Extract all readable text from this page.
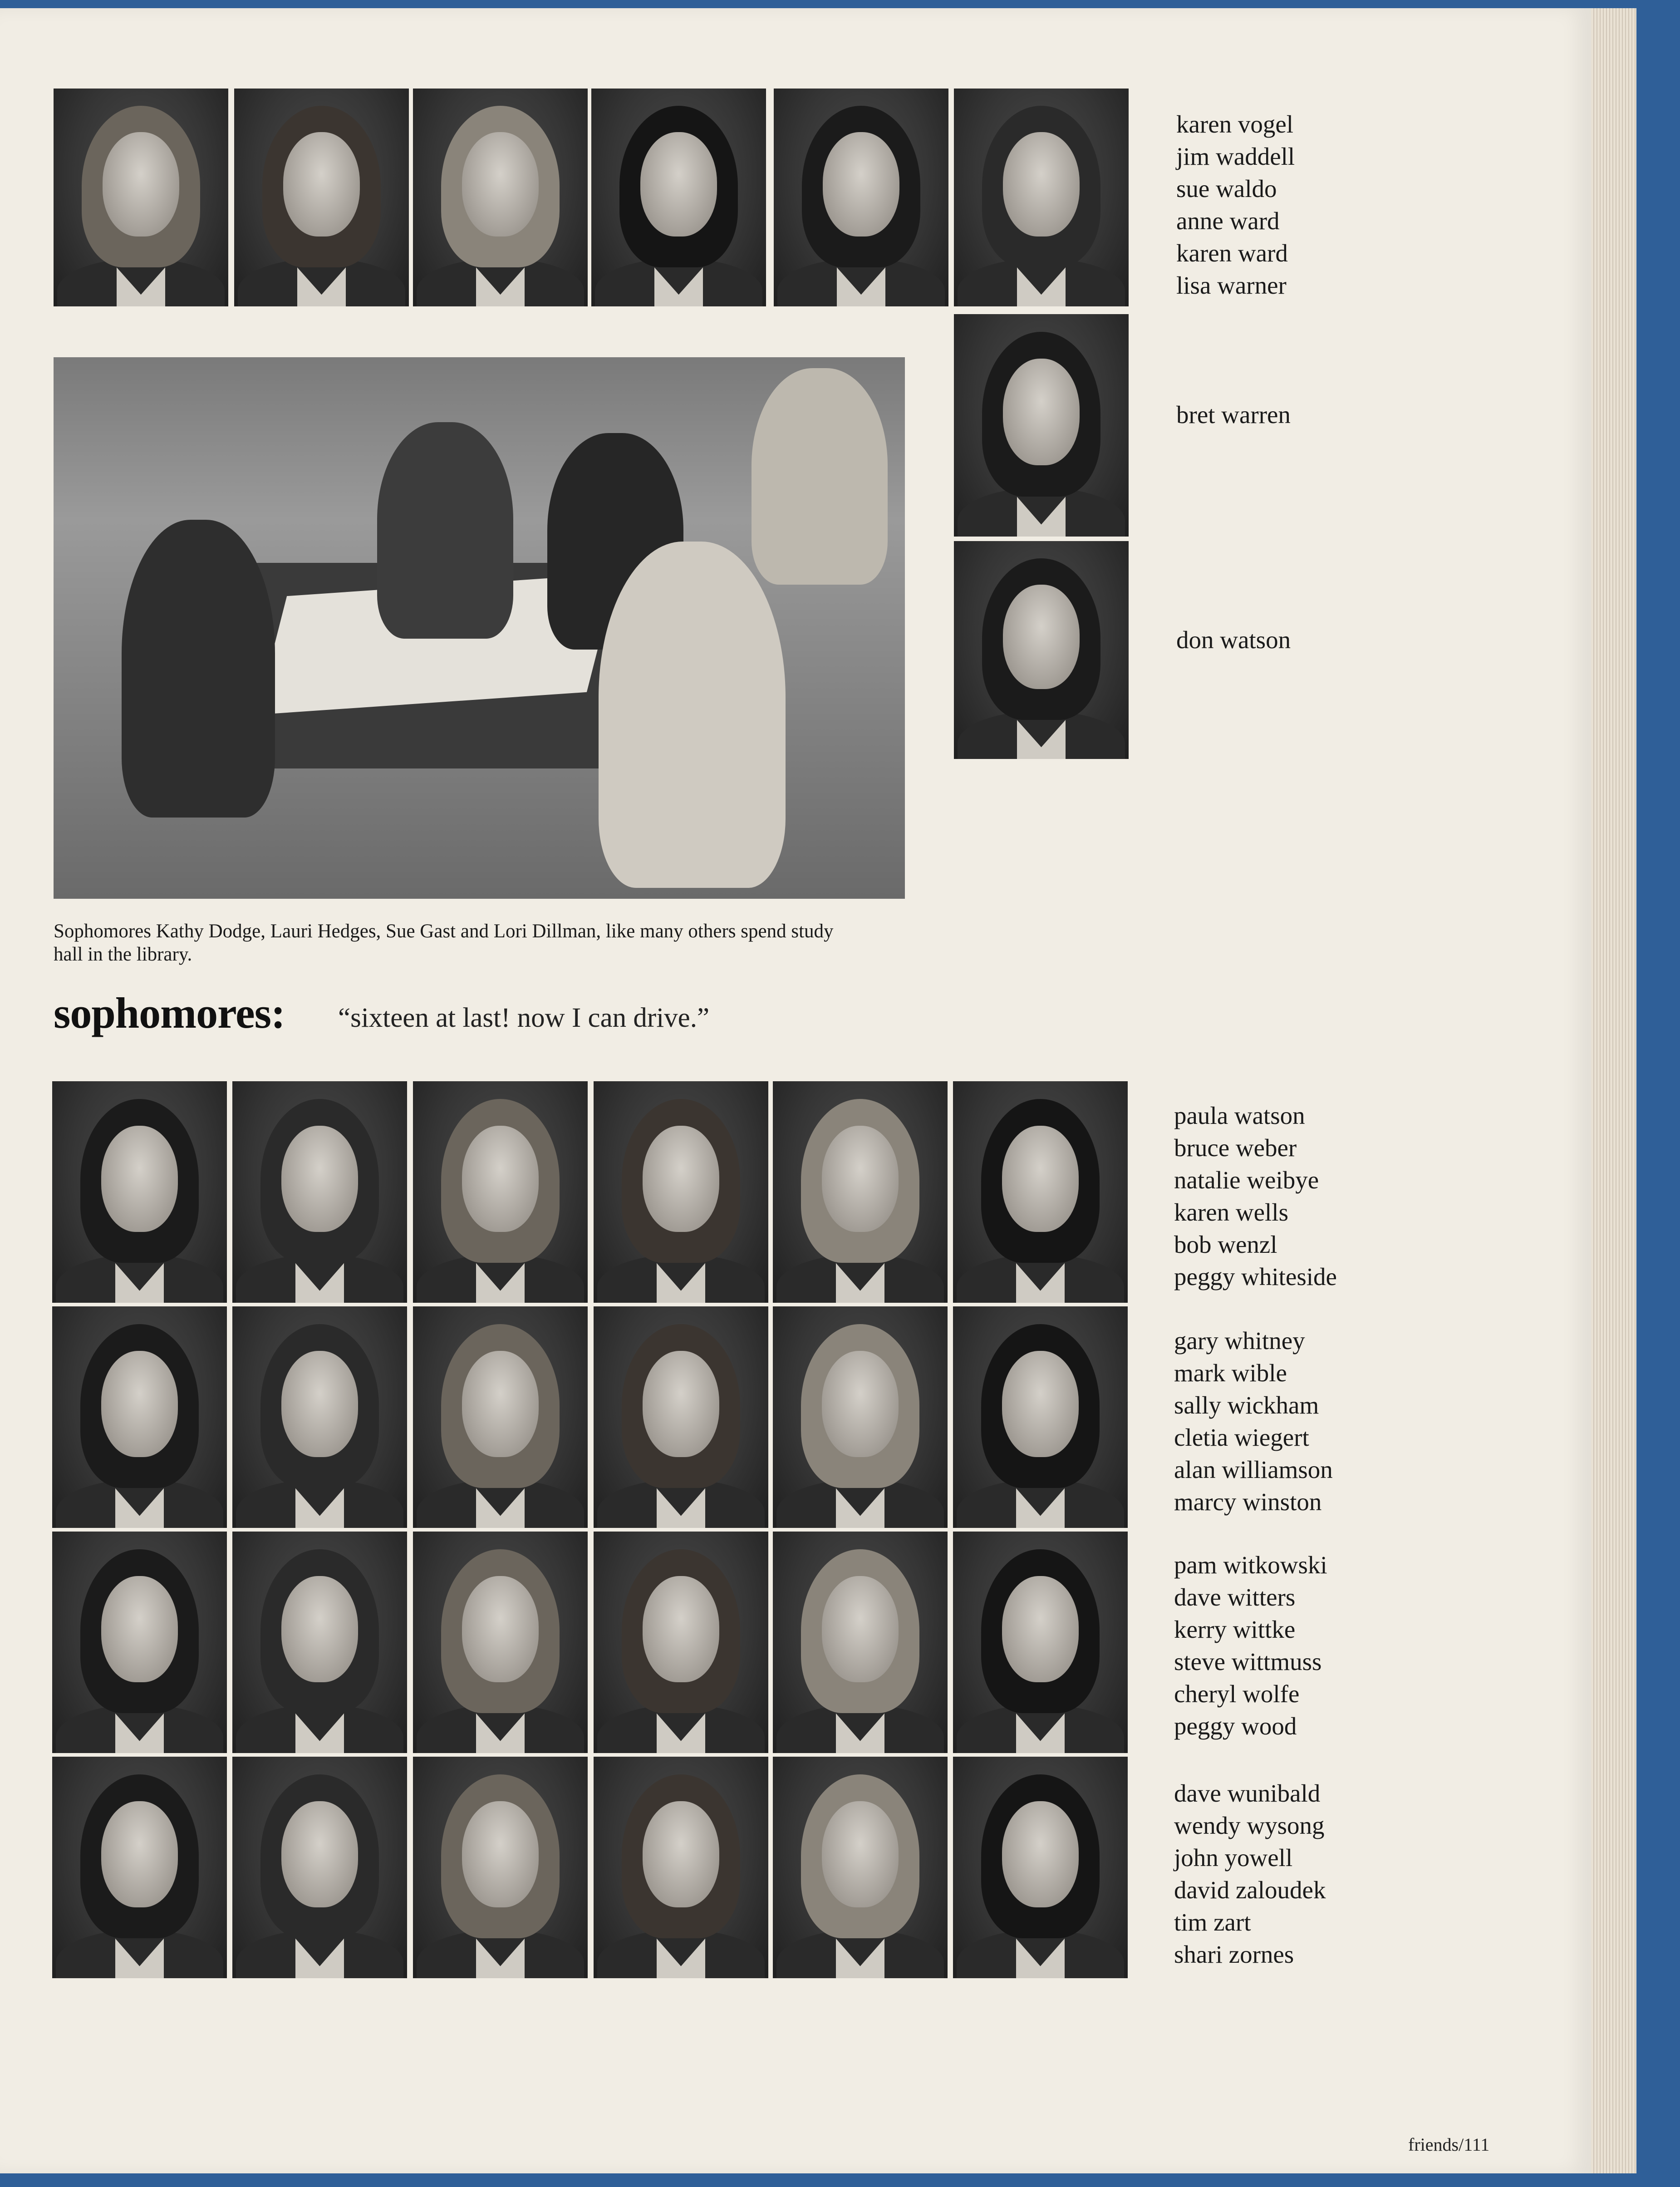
karen vogel
jim waddell
sue waldo
anne ward
karen ward
lisa warner
bret warren
don watson
Sophomores Kathy Dodge, Lauri Hedges, Sue Gast and Lori Dillman, like many others spend study hall in the library.
sophomores: “sixteen at last! now I can drive.”
paula watson
bruce weber
natalie weibye
karen wells
bob wenzl
peggy whiteside
gary whitney
mark wible
sally wickham
cletia wiegert
alan williamson
marcy winston
pam witkowski
dave witters
kerry wittke
steve wittmuss
cheryl wolfe
peggy wood
dave wunibald
wendy wysong
john yowell
david zaloudek
tim zart
shari zornes
friends/111
